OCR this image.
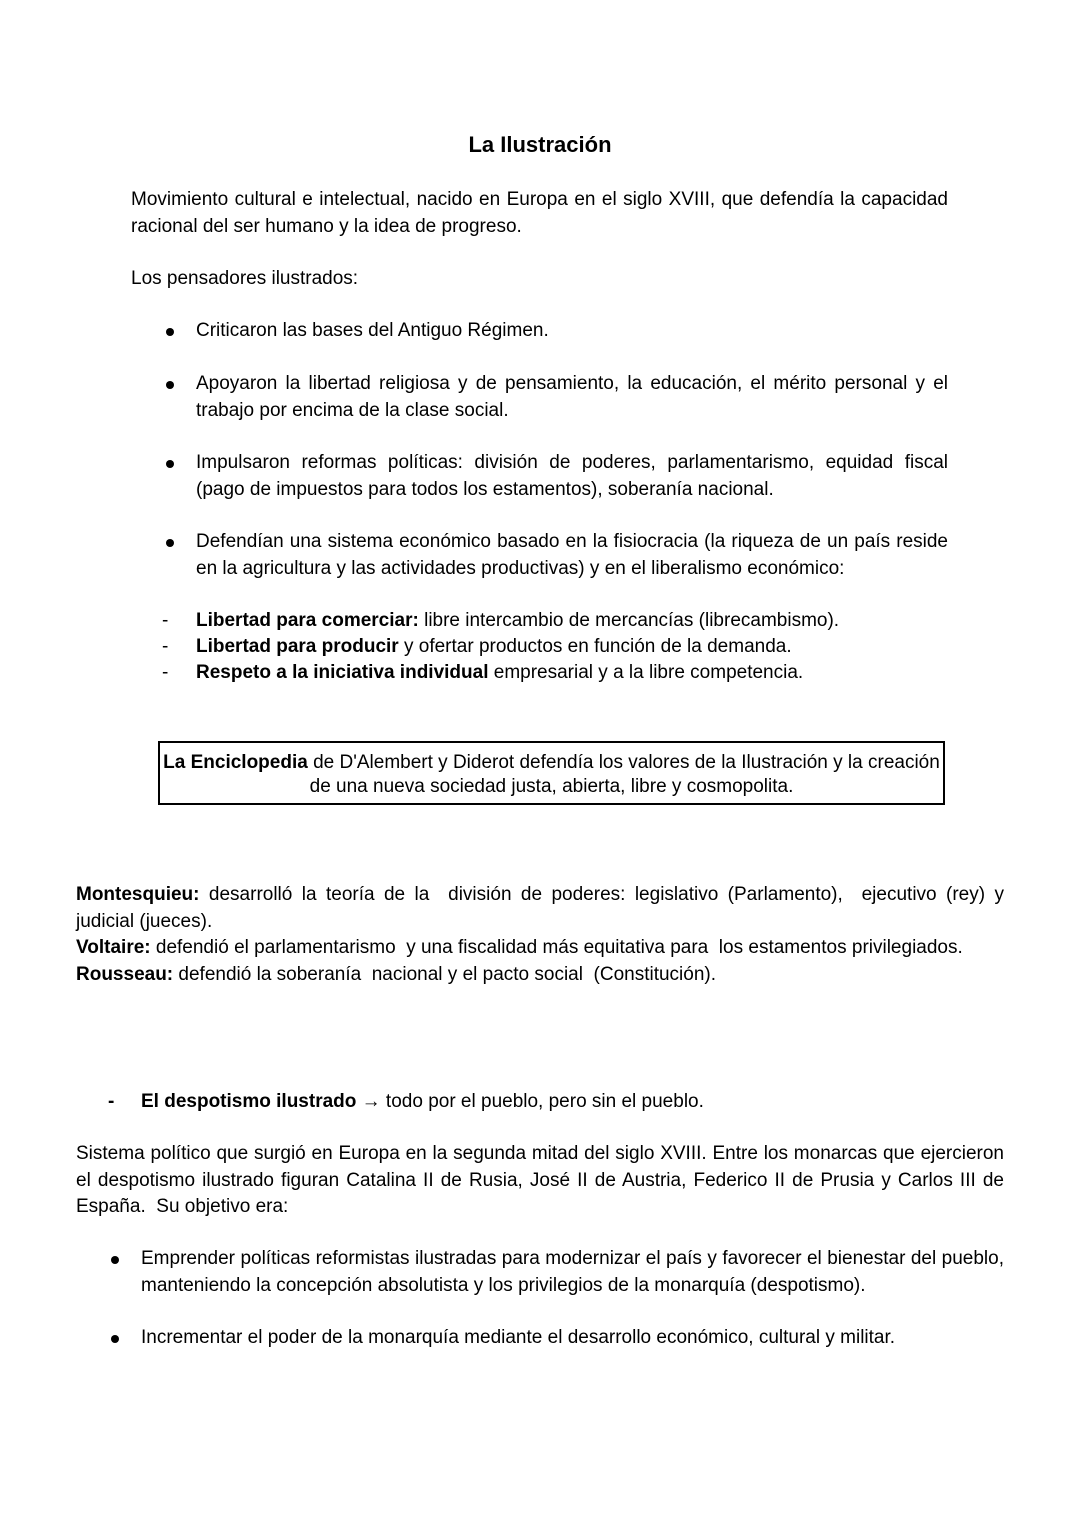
La Ilustración

Movimiento cultural e intelectual, nacido en Europa en el siglo XVIII, que defendía la capacidad racional del ser humano y la idea de progreso.

Los pensadores ilustrados:

Criticaron las bases del Antiguo Régimen.
Apoyaron la libertad religiosa y de pensamiento, la educación, el mérito personal y el trabajo por encima de la clase social.
Impulsaron reformas políticas: división de poderes, parlamentarismo, equidad fiscal (pago de impuestos para todos los estamentos), soberanía nacional.
Defendían una sistema económico basado en la fisiocracia (la riqueza de un país reside en la agricultura y las actividades productivas) y en el liberalismo económico:
- Libertad para comerciar: libre intercambio de mercancías (librecambismo).
- Libertad para producir y ofertar productos en función de la demanda.
- Respeto a la iniciativa individual empresarial y a la libre competencia.
La Enciclopedia de D'Alembert y Diderot defendía los valores de la Ilustración y la creación de una nueva sociedad justa, abierta, libre y cosmopolita.
Montesquieu: desarrolló la teoría de la  división de poderes: legislativo (Parlamento),  ejecutivo (rey) y judicial (jueces).
Voltaire: defendió el parlamentarismo  y una fiscalidad más equitativa para  los estamentos privilegiados.
Rousseau: defendió la soberanía  nacional y el pacto social  (Constitución).
- El despotismo ilustrado → todo por el pueblo, pero sin el pueblo.

Sistema político que surgió en Europa en la segunda mitad del siglo XVIII. Entre los monarcas que ejercieron el despotismo ilustrado figuran Catalina II de Rusia, José II de Austria, Federico II de Prusia y Carlos III de España.  Su objetivo era:

Emprender políticas reformistas ilustradas para modernizar el país y favorecer el bienestar del pueblo, manteniendo la concepción absolutista y los privilegios de la monarquía (despotismo).
Incrementar el poder de la monarquía mediante el desarrollo económico, cultural y militar.
